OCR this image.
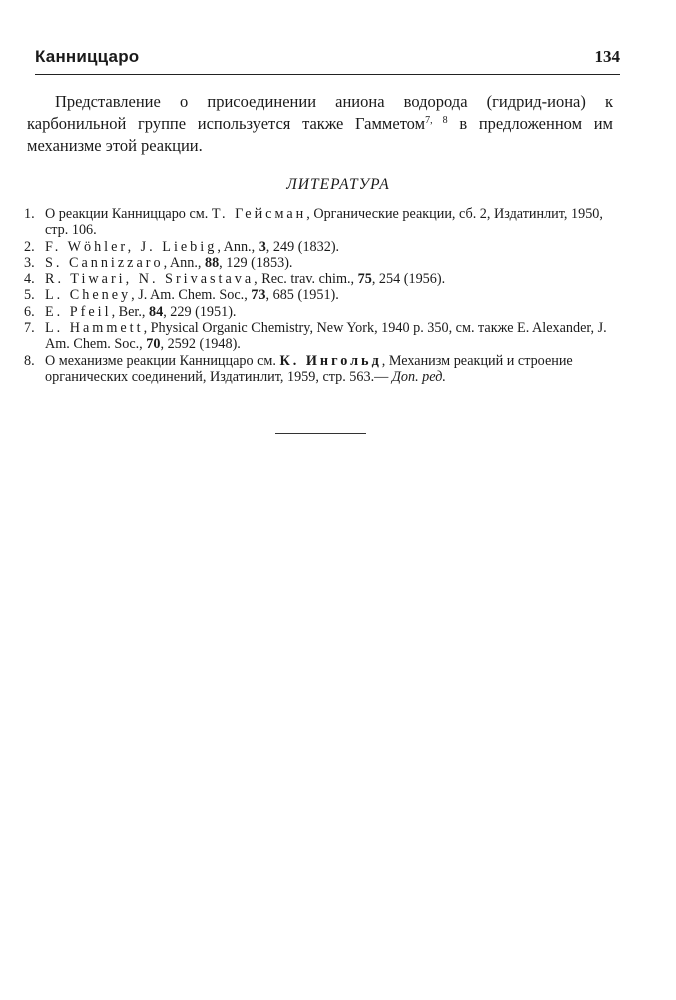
Канниццаро	134

Представление о присоединении аниона водорода (гидрид-иона) к карбонильной группе используется также Гамметом$^{7, 8}$ в предложенном им механизме этой реакции.

ЛИТЕРАТУРА
1. О реакции Канниццаро см. Т. Гейсман, Органические реакции, сб. 2, Издатинлит, 1950, стр. 106.
2. F. Wöhler, J. Liebig, Ann., 3, 249 (1832).
3. S. Cannizzaro, Ann., 88, 129 (1853).
4. R. Tiwari, N. Srivastava, Rec. trav. chim., 75, 254 (1956).
5. L. Cheney, J. Am. Chem. Soc., 73, 685 (1951).
6. E. Pfeil, Ber., 84, 229 (1951).
7. L. Hammett, Physical Organic Chemistry, New York, 1940 р. 350, см. также E. Alexander, J. Am. Chem. Soc., 70, 2592 (1948).
8. О механизме реакции Канниццаро см. К. Ингольд, Механизм реакций и строение органических соединений, Издатинлит, 1959, стр. 563.— Доп. ред.
